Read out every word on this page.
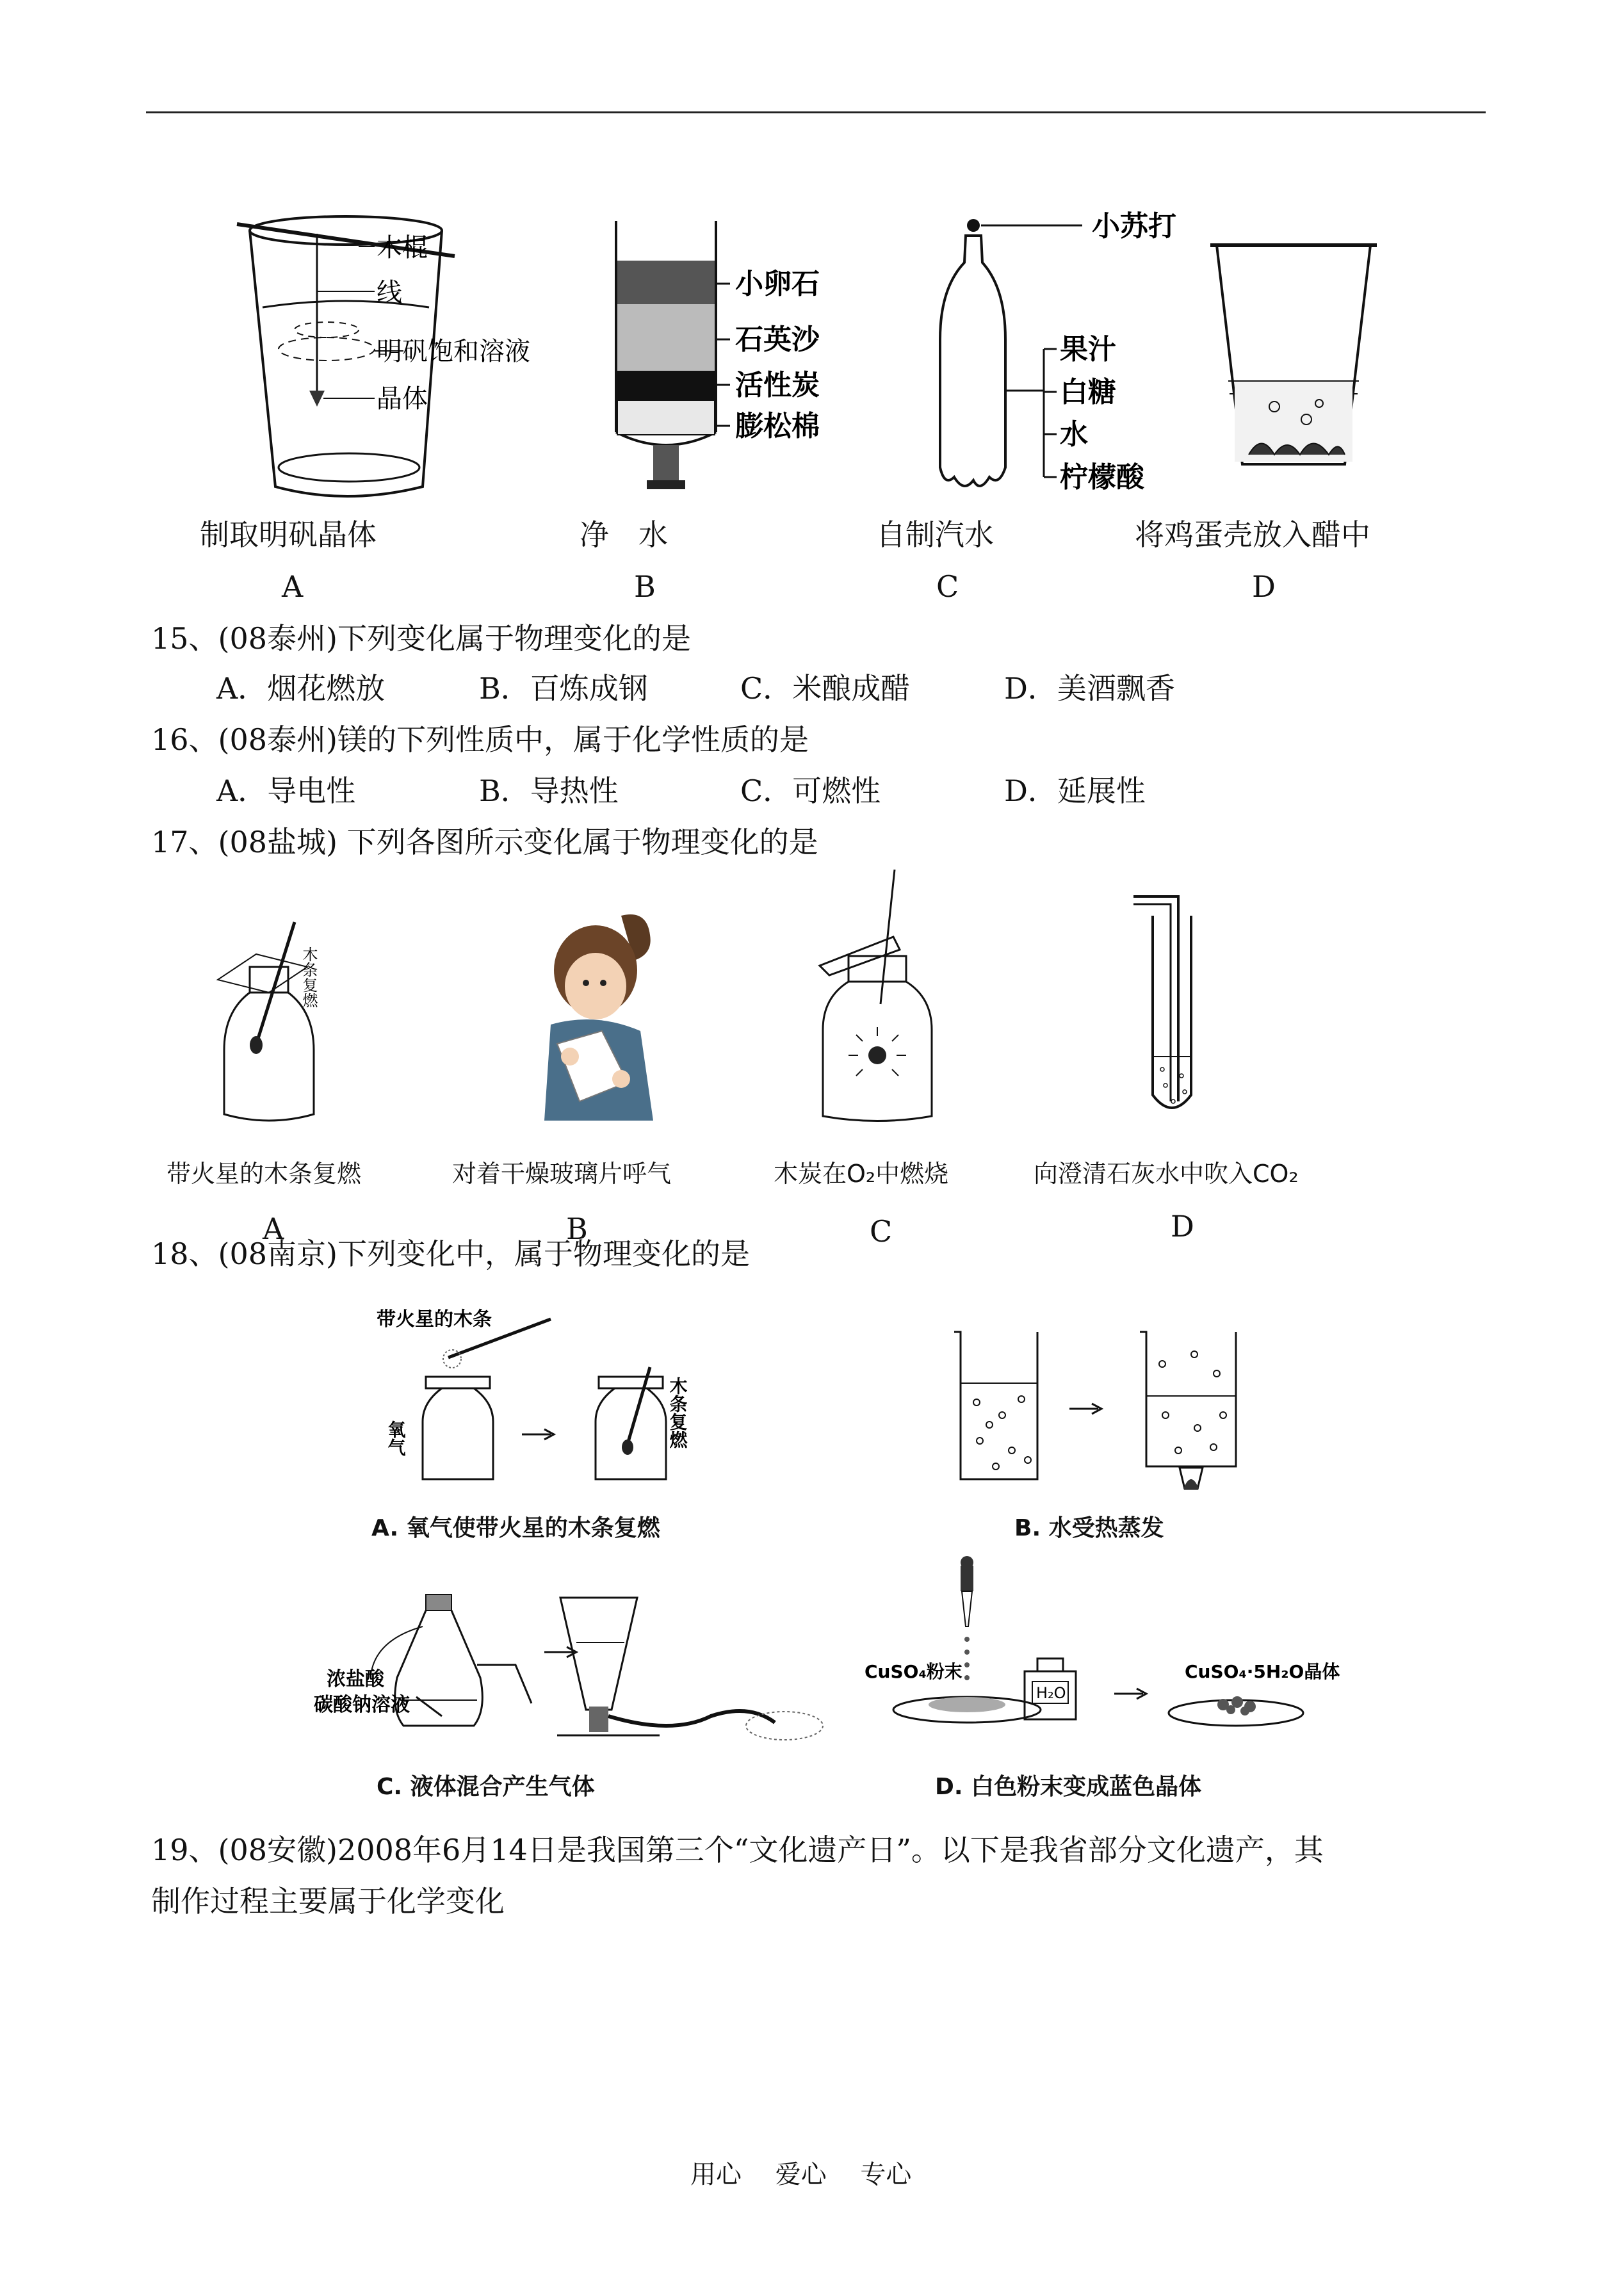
木棍
线
明矾饱和溶液
晶体
小卵石
石英沙
活性炭
膨松棉
小苏打
果汁
白糖
水
柠檬酸
制取明矾晶体	净　水	自制汽水	将鸡蛋壳放入醋中
A	B	C	D
15、(08泰州)下列变化属于物理变化的是
A．烟花燃放	B．百炼成钢	C．米酿成醋	D．美酒飘香
16、(08泰州)镁的下列性质中，属于化学性质的是
A．导电性	B．导热性	C．可燃性	D．延展性
17、(08盐城) 下列各图所示变化属于物理变化的是
木条复燃
带火星的木条复燃	对着干燥玻璃片呼气	木炭在O₂中燃烧	向澄清石灰水中吹入CO₂
A	B	C	D
18、(08南京)下列变化中，属于物理变化的是
带火星的木条
氧气	木条复燃
A. 氧气使带火星的木条复燃	B. 水受热蒸发
浓盐酸
碳酸钠溶液
CuSO₄粉末
H₂O
CuSO₄·5H₂O晶体
C. 液体混合产生气体	D. 白色粉末变成蓝色晶体
19、(08安徽)2008年6月14日是我国第三个“文化遗产日”。以下是我省部分文化遗产，其
制作过程主要属于化学变化
用心　 爱心　 专心
